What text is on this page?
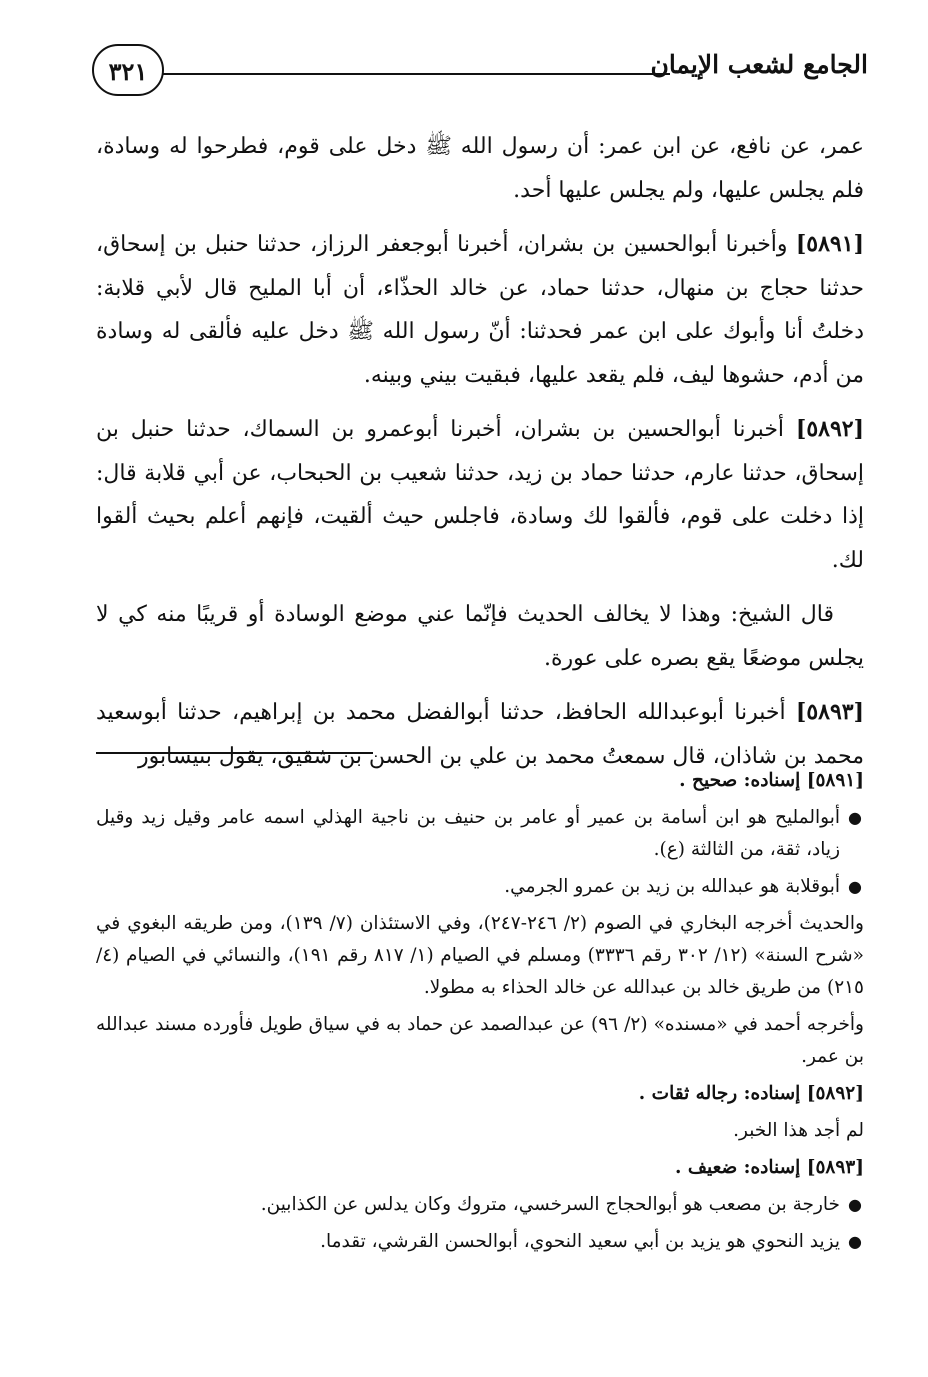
الجامع لشعب الإيمان
٣٢١

عمر، عن نافع، عن ابن عمر: أن رسول الله ﷺ دخل على قوم، فطرحوا له وسادة، فلم يجلس عليها، ولم يجلس عليها أحد.

[٥٨٩١] وأخبرنا أبوالحسين بن بشران، أخبرنا أبوجعفر الرزاز، حدثنا حنبل بن إسحاق، حدثنا حجاج بن منهال، حدثنا حماد، عن خالد الحذّاء، أن أبا المليح قال لأبي قلابة: دخلتُ أنا وأبوك على ابن عمر فحدثنا: أنّ رسول الله ﷺ دخل عليه فألقى له وسادة من أدم، حشوها ليف، فلم يقعد عليها، فبقيت بيني وبينه.

[٥٨٩٢] أخبرنا أبوالحسين بن بشران، أخبرنا أبوعمرو بن السماك، حدثنا حنبل بن إسحاق، حدثنا عارم، حدثنا حماد بن زيد، حدثنا شعيب بن الحبحاب، عن أبي قلابة قال: إذا دخلت على قوم، فألقوا لك وسادة، فاجلس حيث ألقيت، فإنهم أعلم بحيث ألقوا لك.

قال الشيخ: وهذا لا يخالف الحديث فإنّما عني موضع الوسادة أو قريبًا منه كي لا يجلس موضعًا يقع بصره على عورة.

[٥٨٩٣] أخبرنا أبوعبدالله الحافظ، حدثنا أبوالفضل محمد بن إبراهيم، حدثنا أبوسعيد محمد بن شاذان، قال سمعتُ محمد بن علي بن الحسن بن شقيق، يقول بنيسابور

[٥٨٩١] إسناده: صحيح .

●
أبوالمليح هو ابن أسامة بن عمير أو عامر بن حنيف بن ناجية الهذلي اسمه عامر وقيل زيد وقيل زياد، ثقة، من الثالثة (ع).

●
أبوقلابة هو عبدالله بن زيد بن عمرو الجرمي.

والحديث أخرجه البخاري في الصوم (٢/ ٢٤٦-٢٤٧)، وفي الاستئذان (٧/ ١٣٩)، ومن طريقه البغوي في «شرح السنة» (١٢/ ٣٠٢ رقم ٣٣٣٦) ومسلم في الصيام (١/ ٨١٧ رقم ١٩١)، والنسائي في الصيام (٤/ ٢١٥) من طريق خالد بن عبدالله عن خالد الحذاء به مطولا.

وأخرجه أحمد في «مسنده» (٢/ ٩٦) عن عبدالصمد عن حماد به في سياق طويل فأورده مسند عبدالله بن عمر.

[٥٨٩٢] إسناده: رجاله ثقات .

لم أجد هذا الخبر.

[٥٨٩٣] إسناده: ضعيف .

●
خارجة بن مصعب هو أبوالحجاج السرخسي، متروك وكان يدلس عن الكذابين.

●
يزيد النحوي هو يزيد بن أبي سعيد النحوي، أبوالحسن القرشي، تقدما.
